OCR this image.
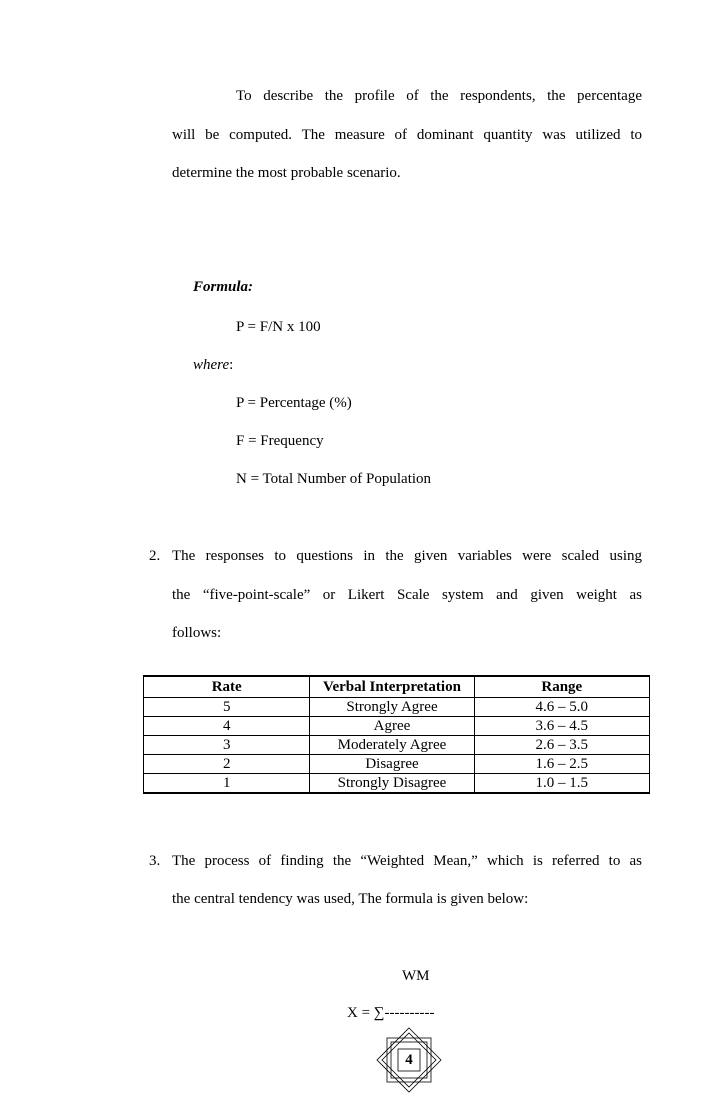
To describe the profile of the respondents, the percentage
will be computed. The measure of dominant quantity was utilized to
determine the most probable scenario.
Formula:
P = F/N x 100
where:
P = Percentage (%)
F = Frequency
N = Total Number of Population
2. The responses to questions in the given variables were scaled using
the “five-point-scale” or Likert Scale system and given weight as
follows:
Rate	Verbal Interpretation	Range
5	Strongly Agree	4.6 – 5.0
4	Agree	3.6 – 4.5
3	Moderately Agree	2.6 – 3.5
2	Disagree	1.6 – 2.5
1	Strongly Disagree	1.0 – 1.5
3. The process of finding the “Weighted Mean,” which is referred to as
the central tendency was used, The formula is given below:
WM
X = ∑----------
4
